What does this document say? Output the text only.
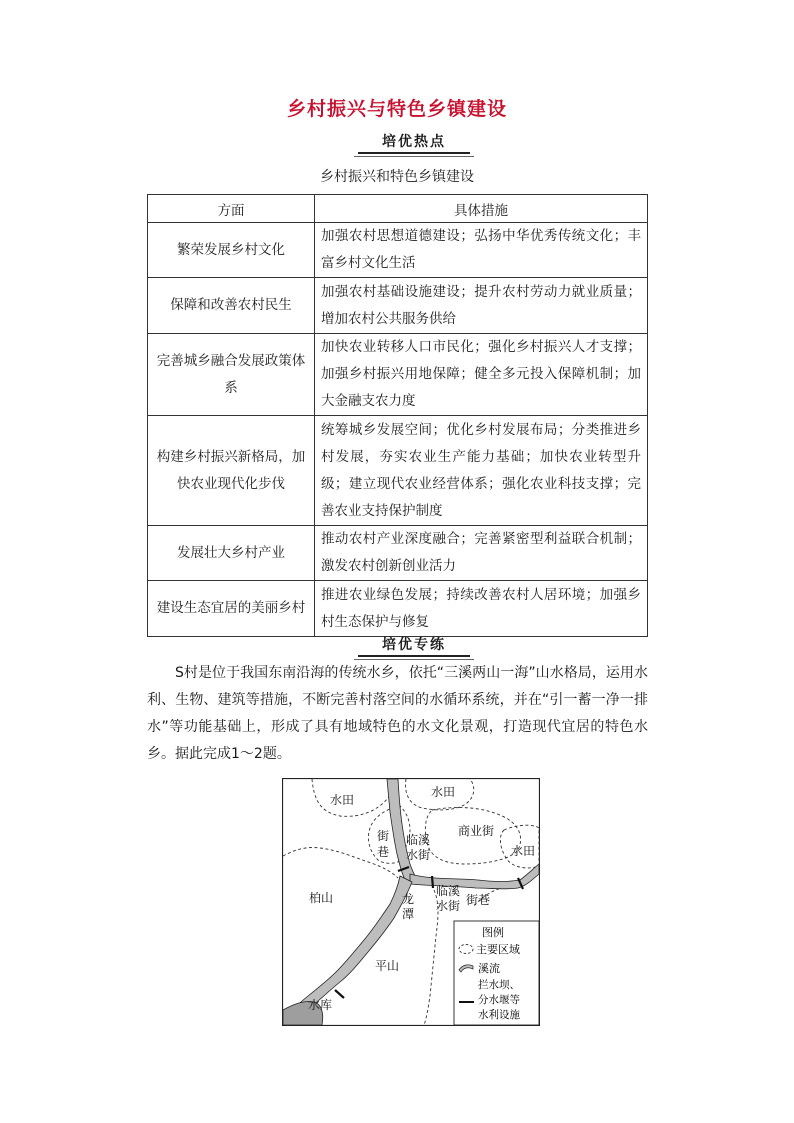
乡村振兴与特色乡镇建设
培优热点
乡村振兴和特色乡镇建设
方面	具体措施
繁荣发展乡村文化	加强农村思想道德建设；弘扬中华优秀传统文化；丰富乡村文化生活
保障和改善农村民生	加强农村基础设施建设；提升农村劳动力就业质量；增加农村公共服务供给
完善城乡融合发展政策体系	加快农业转移人口市民化；强化乡村振兴人才支撑；加强乡村振兴用地保障；健全多元投入保障机制；加大金融支农力度
构建乡村振兴新格局，加快农业现代化步伐	统筹城乡发展空间；优化乡村发展布局；分类推进乡村发展，夯实农业生产能力基础；加快农业转型升级；建立现代农业经营体系；强化农业科技支撑；完善农业支持保护制度
发展壮大乡村产业	推动农村产业深度融合；完善紧密型利益联合机制；激发农村创新创业活力
建设生态宜居的美丽乡村	推进农业绿色发展；持续改善农村人居环境；加强乡村生态保护与修复
培优专练
S村是位于我国东南沿海的传统水乡，依托“三溪两山一海”山水格局，运用水利、生物、建筑等措施，不断完善村落空间的水循环系统，并在“引一蓄一净一排水”等功能基础上，形成了具有地域特色的水文化景观，打造现代宜居的特色水乡。据此完成1～2题。
水田
水田
水田
街
巷
临溪
水街
商业街
临溪
水街 街巷
柏山	龙
潭
平山
水库
图例
主要区域
溪流
拦水坝、
分水堰等
水利设施
